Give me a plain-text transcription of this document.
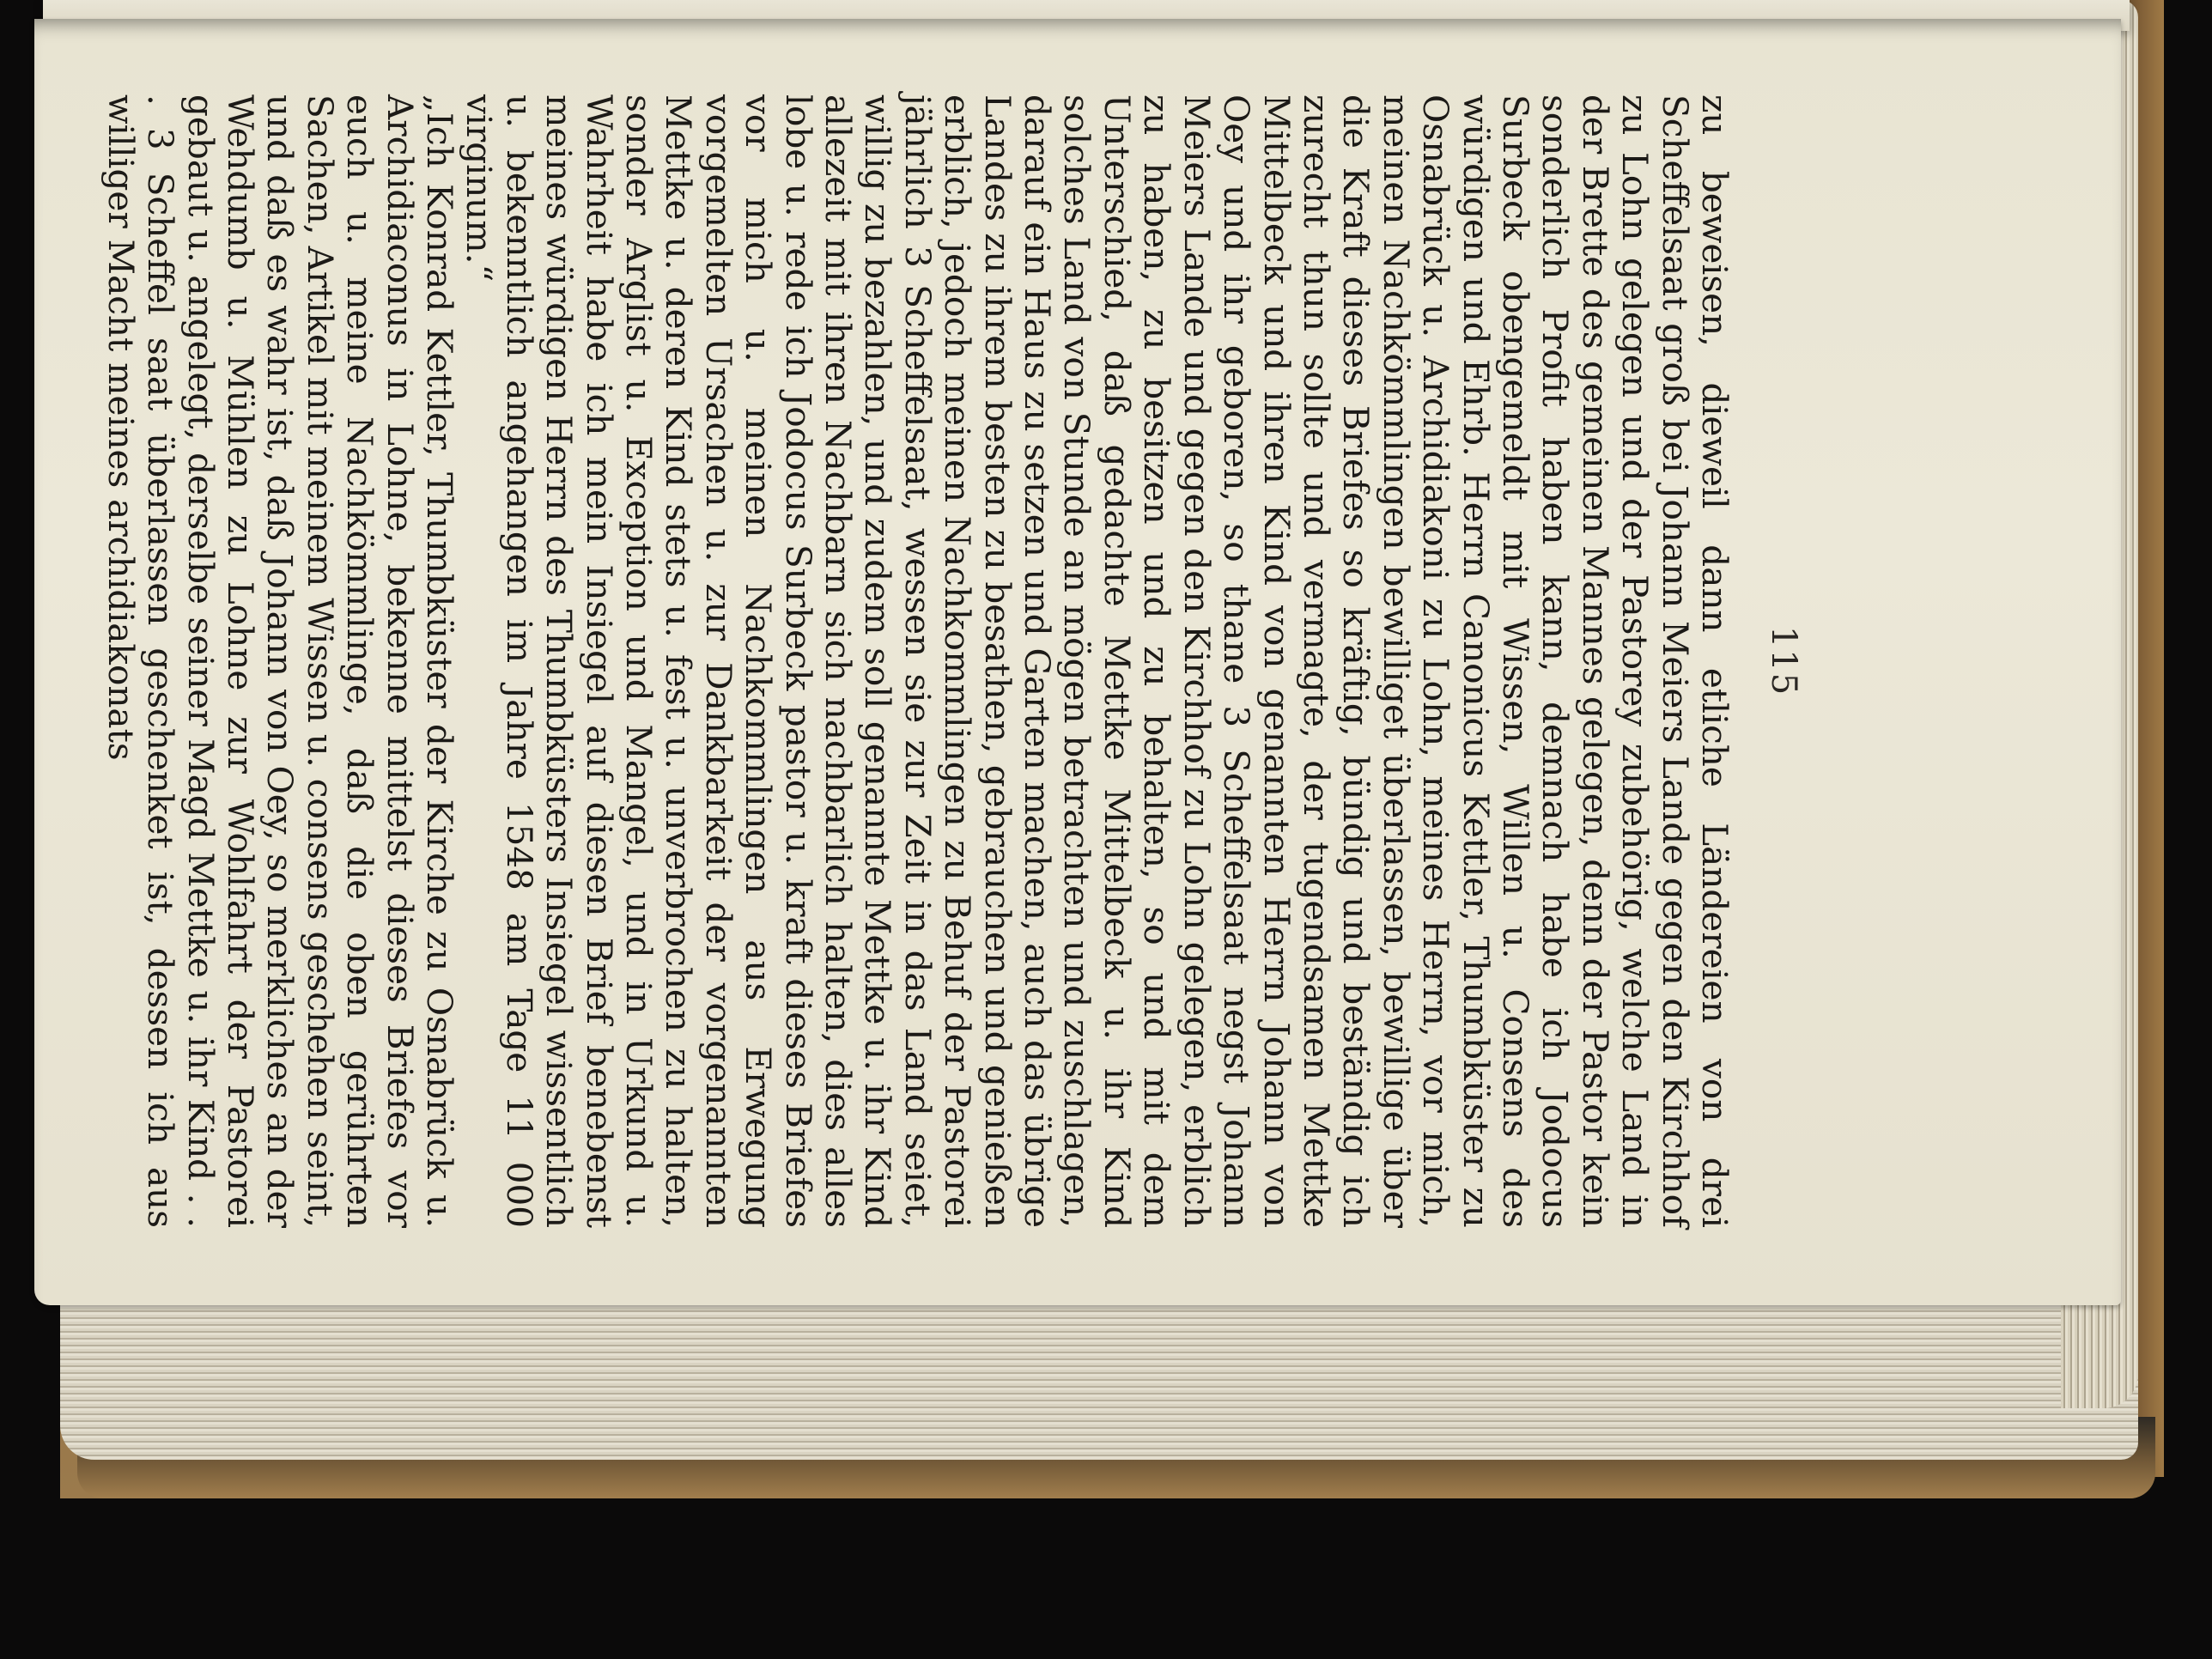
115

zu beweisen, dieweil dann etliche Ländereien von drei Scheffelsaat groß bei Johann Meiers Lande gegen den Kirchhof zu Lohn gelegen und der Pastorey zubehörig, welche Land in der Brette des gemeinen Mannes gelegen, denn der Pastor kein sonderlich Profit haben kann, demnach habe ich Jodocus Surbeck obengemeldt mit Wissen, Willen u. Consens des würdigen und Ehrb. Herrn Canonicus Kettler, Thumbküster zu Osnabrück u. Archidiakoni zu Lohn, meines Herrn, vor mich, meinen Nachkömmlingen bewilliget überlassen, bewillige über die Kraft dieses Briefes so kräftig, bündig und beständig ich zurecht thun sollte und vermagte, der tugendsamen Mettke Mittelbeck und ihren Kind von genannten Herrn Johann von Oey und ihr geboren, so thane 3 Scheffelsaat negst Johann Meiers Lande und gegen den Kirchhof zu Lohn gelegen, erblich zu haben, zu besitzen und zu behalten, so und mit dem Unterschied, daß gedachte Mettke Mittelbeck u. ihr Kind solches Land von Stunde an mögen betrachten und zuschlagen, darauf ein Haus zu setzen und Garten machen, auch das übrige Landes zu ihrem besten zu besathen, gebrauchen und genießen erblich, jedoch meinen Nachkommlingen zu Behuf der Pastorei jährlich 3 Scheffelsaat, wessen sie zur Zeit in das Land seiet, willig zu bezahlen, und zudem soll genannte Mettke u. ihr Kind allezeit mit ihren Nachbarn sich nachbarlich halten, dies alles lobe u. rede ich Jodocus Surbeck pastor u. kraft dieses Briefes vor mich u. meinen Nachkommlingen aus Erwegung vorgemelten Ursachen u. zur Dankbarkeit der vorgenannten Mettke u. deren Kind stets u. fest u. unverbrochen zu halten, sonder Arglist u. Exception und Mangel, und in Urkund u. Wahrheit habe ich mein Insiegel auf diesen Brief benebenst meines würdigen Herrn des Thumbküsters Insiegel wissentlich u. bekenntlich angehangen im Jahre 1548 am Tage 11 000 virginum.“

„Ich Konrad Kettler, Thumbküster der Kirche zu Osnabrück u. Archidiaconus in Lohne, bekenne mittelst dieses Briefes vor euch u. meine Nachkömmlinge, daß die oben gerührten Sachen, Artikel mit meinem Wissen u. consens geschehen seint, und daß es wahr ist, daß Johann von Oey, so merkliches an der Wehdumb u. Mühlen zu Lohne zur Wohlfahrt der Pastorei gebaut u. angelegt, derselbe seiner Magd Mettke u. ihr Kind . . . 3 Scheffel saat überlassen geschenket ist, dessen ich aus williger Macht meines archidiakonats
